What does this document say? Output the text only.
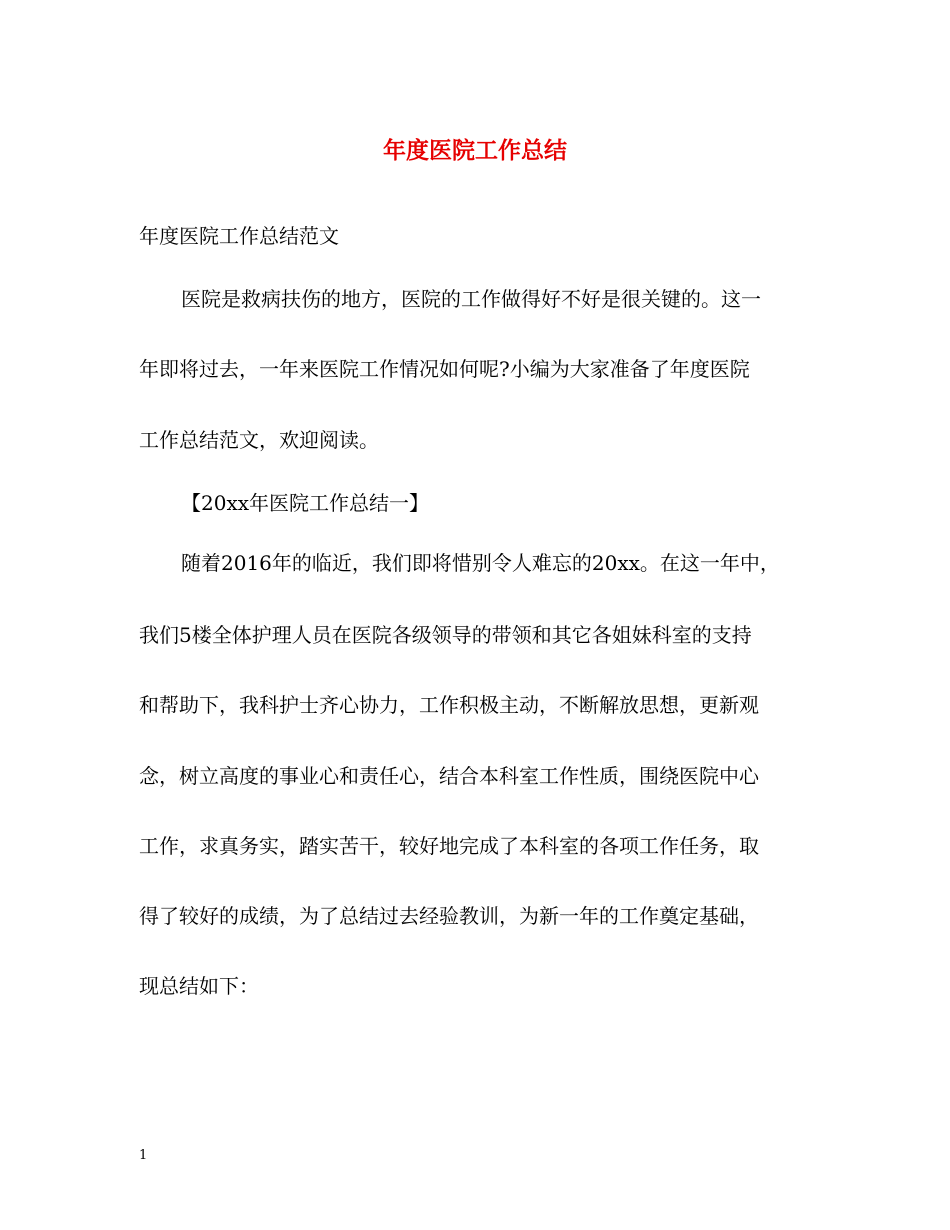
年度医院工作总结

年度医院工作总结范文

医院是救病扶伤的地方，医院的工作做得好不好是很关键的。这一

年即将过去，一年来医院工作情况如何呢?小编为大家准备了年度医院

工作总结范文，欢迎阅读。

【20xx年医院工作总结一】

随着2016年的临近，我们即将惜别令人难忘的20xx。在这一年中，

我们5楼全体护理人员在医院各级领导的带领和其它各姐妹科室的支持

和帮助下，我科护士齐心协力，工作积极主动，不断解放思想，更新观

念，树立高度的事业心和责任心，结合本科室工作性质，围绕医院中心

工作，求真务实，踏实苦干，较好地完成了本科室的各项工作任务，取

得了较好的成绩，为了总结过去经验教训，为新一年的工作奠定基础，

现总结如下：

1
